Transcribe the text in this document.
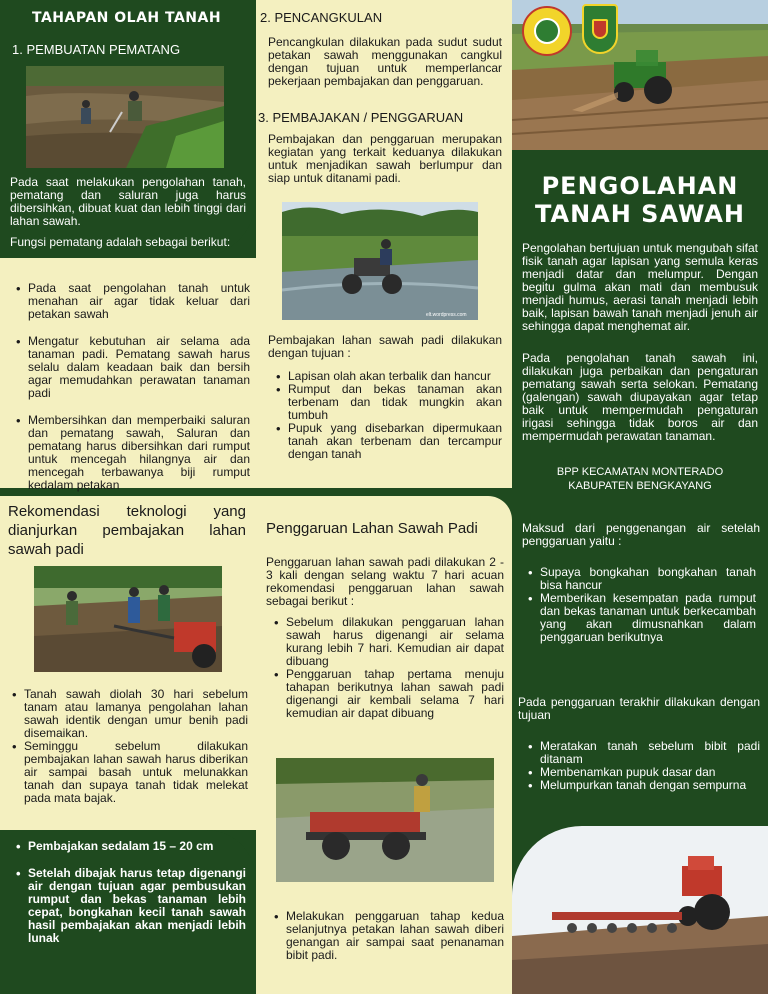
TAHAPAN OLAH TANAH
1. PEMBUATAN PEMATANG
Pada saat melakukan pengolahan tanah, pematang dan saluran juga harus dibersihkan, dibuat kuat dan lebih tinggi dari lahan sawah.
Fungsi pematang adalah sebagai berikut:
• Pada saat pengolahan tanah untuk menahan air agar tidak keluar dari petakan sawah
• Mengatur kebutuhan air selama ada tanaman padi. Pematang sawah harus selalu dalam keadaan baik dan bersih agar memudahkan perawatan tanaman padi
• Membersihkan dan memperbaiki saluran dan pematang sawah, Saluran dan pematang harus dibersihkan dari rumput untuk mencegah hilangnya air dan mencegah terbawanya biji rumput kedalam petakan
2. PENCANGKULAN
Pencangkulan dilakukan pada sudut sudut petakan sawah menggunakan cangkul dengan tujuan untuk memperlancar pekerjaan pembajakan dan penggaruan.
3. PEMBAJAKAN / PENGGARUAN
Pembajakan dan penggaruan merupakan kegiatan yang terkait keduanya dilakukan untuk menjadikan sawah berlumpur dan siap untuk ditanami padi.
elt.wordpress.com
Pembajakan lahan sawah padi dilakukan dengan tujuan :
• Lapisan olah akan terbalik dan hancur
• Rumput dan bekas tanaman akan terbenam dan tidak mungkin akan tumbuh
• Pupuk yang disebarkan dipermukaan tanah akan terbenam dan tercampur dengan tanah
PENGOLAHAN
TANAH SAWAH
Pengolahan bertujuan untuk mengubah sifat fisik tanah agar lapisan yang semula keras menjadi datar dan melumpur. Dengan begitu gulma akan mati dan membusuk menjadi humus, aerasi tanah menjadi lebih baik, lapisan bawah tanah menjadi jenuh air sehingga dapat menghemat air.
Pada pengolahan tanah sawah ini, dilakukan juga perbaikan dan pengaturan pematang sawah serta selokan. Pematang (galengan) sawah diupayakan agar tetap baik untuk mempermudah pengaturan irigasi sehingga tidak boros air dan mempermudah perawatan tanaman.
BPP KECAMATAN MONTERADO
KABUPATEN BENGKAYANG
Rekomendasi teknologi yang dianjurkan pembajakan lahan sawah padi
• Tanah sawah diolah 30 hari sebelum tanam atau lamanya pengolahan lahan sawah identik dengan umur benih padi disemaikan.
• Seminggu sebelum dilakukan pembajakan lahan sawah harus diberikan air sampai basah untuk melunakkan tanah dan supaya tanah tidak melekat pada mata bajak.
• Pembajakan sedalam 15 – 20 cm
• Setelah dibajak harus tetap digenangi air dengan tujuan agar pembusukan rumput dan bekas tanaman lebih cepat, bongkahan kecil tanah sawah hasil pembajakan akan menjadi lebih lunak
Penggaruan Lahan Sawah Padi
Penggaruan lahan sawah padi dilakukan 2 - 3 kali dengan selang waktu 7 hari acuan rekomendasi penggaruan lahan sawah sebagai berikut :
• Sebelum dilakukan penggaruan lahan sawah harus digenangi air selama kurang lebih 7 hari. Kemudian air dapat dibuang
• Penggaruan tahap pertama menuju tahapan berikutnya lahan sawah padi digenangi air kembali selama 7 hari kemudian air dapat dibuang
• Melakukan penggaruan tahap kedua selanjutnya petakan lahan sawah diberi genangan air sampai saat penanaman bibit padi.
Maksud dari penggenangan air setelah penggaruan yaitu :
• Supaya bongkahan bongkahan tanah bisa hancur
• Memberikan kesempatan pada rumput dan bekas tanaman untuk berkecambah yang akan dimusnahkan dalam penggaruan berikutnya
Pada penggaruan terakhir dilakukan dengan tujuan
• Meratakan tanah sebelum bibit padi ditanam
• Membenamkan pupuk dasar dan
• Melumpurkan tanah dengan sempurna
